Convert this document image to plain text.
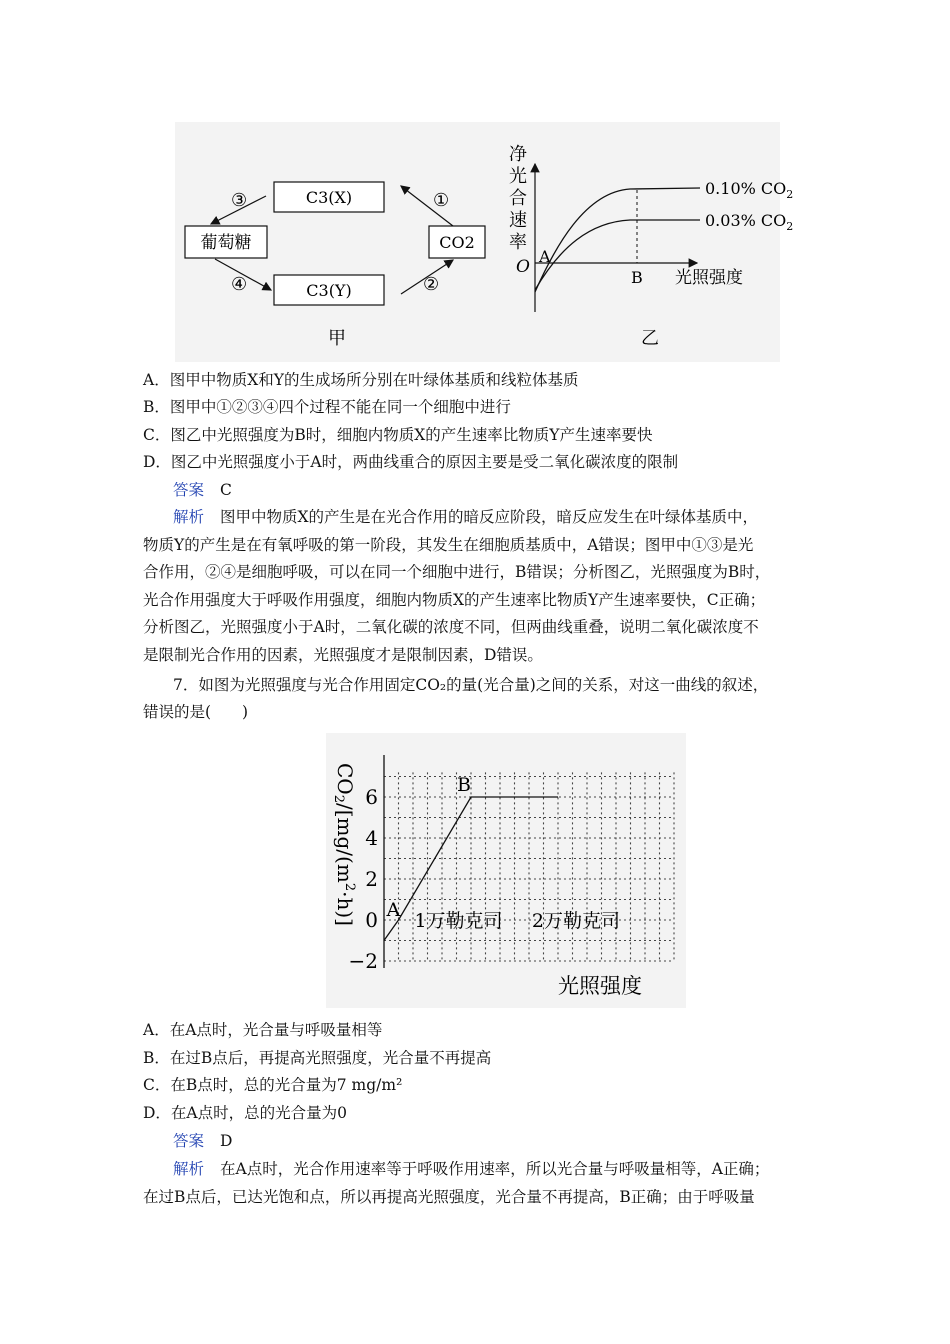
C3(X)
C3(Y)
葡萄糖	CO2
①
③
④	②
甲
净
光
合
速
率
O
A
B 光照强度
0.10% $CO_2$
0.03% $CO_2$
乙
A．图甲中物质X和Y的生成场所分别在叶绿体基质和线粒体基质
B．图甲中①②③④四个过程不能在同一个细胞中进行
C．图乙中光照强度为B时，细胞内物质X的产生速率比物质Y产生速率要快
D．图乙中光照强度小于A时，两曲线重合的原因主要是受二氧化碳浓度的限制
答案 C
解析 图甲中物质X的产生是在光合作用的暗反应阶段，暗反应发生在叶绿体基质中，
物质Y的产生是在有氧呼吸的第一阶段，其发生在细胞质基质中，A错误；图甲中①③是光
合作用，②④是细胞呼吸，可以在同一个细胞中进行，B错误；分析图乙，光照强度为B时，
光合作用强度大于呼吸作用强度，细胞内物质X的产生速率比物质Y产生速率要快，C正确；
分析图乙，光照强度小于A时，二氧化碳的浓度不同，但两曲线重叠，说明二氧化碳浓度不
是限制光合作用的因素，光照强度才是限制因素，D错误。
7．如图为光照强度与光合作用固定CO₂的量(光合量)之间的关系，对这一曲线的叙述，
错误的是(　　)
$CO2/[mg/(m^2\cdot h)]$
6
4
2
0
−2
A
B
1万勒克司 2万勒克司
光照强度
A．在A点时，光合量与呼吸量相等
B．在过B点后，再提高光照强度，光合量不再提高
C．在B点时，总的光合量为7 mg/m²
D．在A点时，总的光合量为0
答案 D
解析 在A点时，光合作用速率等于呼吸作用速率，所以光合量与呼吸量相等，A正确；
在过B点后，已达光饱和点，所以再提高光照强度，光合量不再提高，B正确；由于呼吸量
